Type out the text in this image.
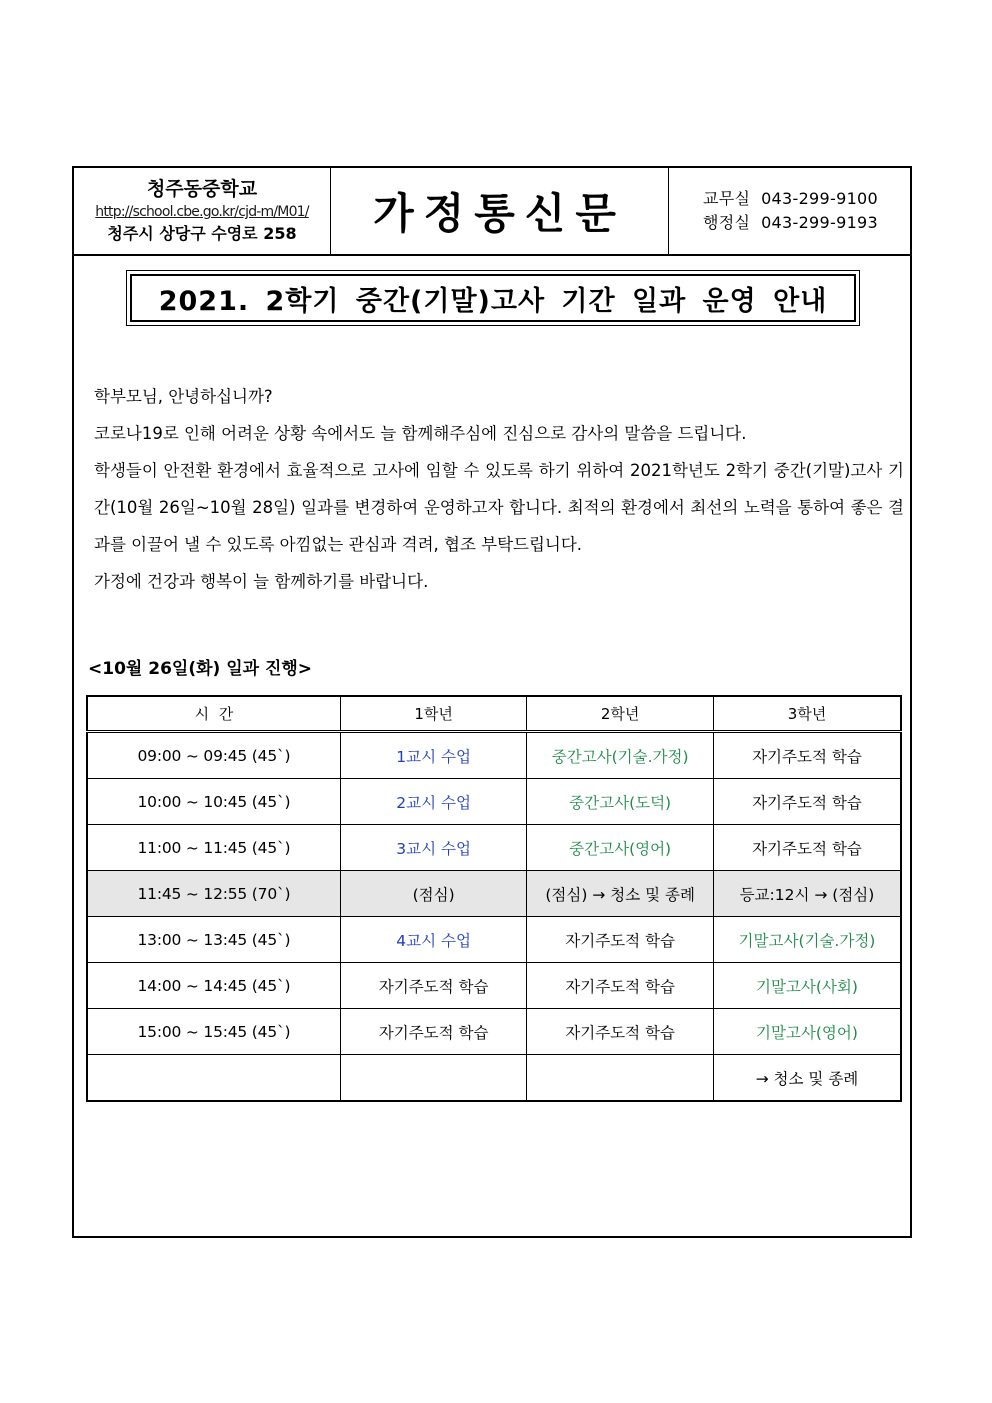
청주동중학교
http://school.cbe.go.kr/cjd-m/M01/
청주시 상당구 수영로 258 가정통신문	교무실 043-299-9100
행정실 043-299-9193
2021. 2학기 중간(기말)고사 기간 일과 운영 안내

학부모님, 안녕하십니까?

코로나19로 인해 어려운 상황 속에서도 늘 함께해주심에 진심으로 감사의 말씀을 드립니다.

학생들이 안전환 환경에서 효율적으로 고사에 임할 수 있도록 하기 위하여 2021학년도 2학기 중간(기말)고사 기간(10월 26일~10월 28일) 일과를 변경하여 운영하고자 합니다. 최적의 환경에서 최선의 노력을 통하여 좋은 결과를 이끌어 낼 수 있도록 아낌없는 관심과 격려, 협조 부탁드립니다.

가정에 건강과 행복이 늘 함께하기를 바랍니다.

<10월 26일(화) 일과 진행>
시  간	1학년	2학년	3학년
09:00 ~ 09:45 (45`)	1교시 수업	중간고사(기술.가정)	자기주도적 학습
10:00 ~ 10:45 (45`)	2교시 수업	중간고사(도덕)	자기주도적 학습
11:00 ~ 11:45 (45`)	3교시 수업	중간고사(영어)	자기주도적 학습
11:45 ~ 12:55 (70`)	(점심)	(점심) → 청소 및 종례	등교:12시 → (점심)
13:00 ~ 13:45 (45`)	4교시 수업	자기주도적 학습	기말고사(기술.가정)
14:00 ~ 14:45 (45`)	자기주도적 학습	자기주도적 학습	기말고사(사회)
15:00 ~ 15:45 (45`)	자기주도적 학습	자기주도적 학습	기말고사(영어)
			→ 청소 및 종례
